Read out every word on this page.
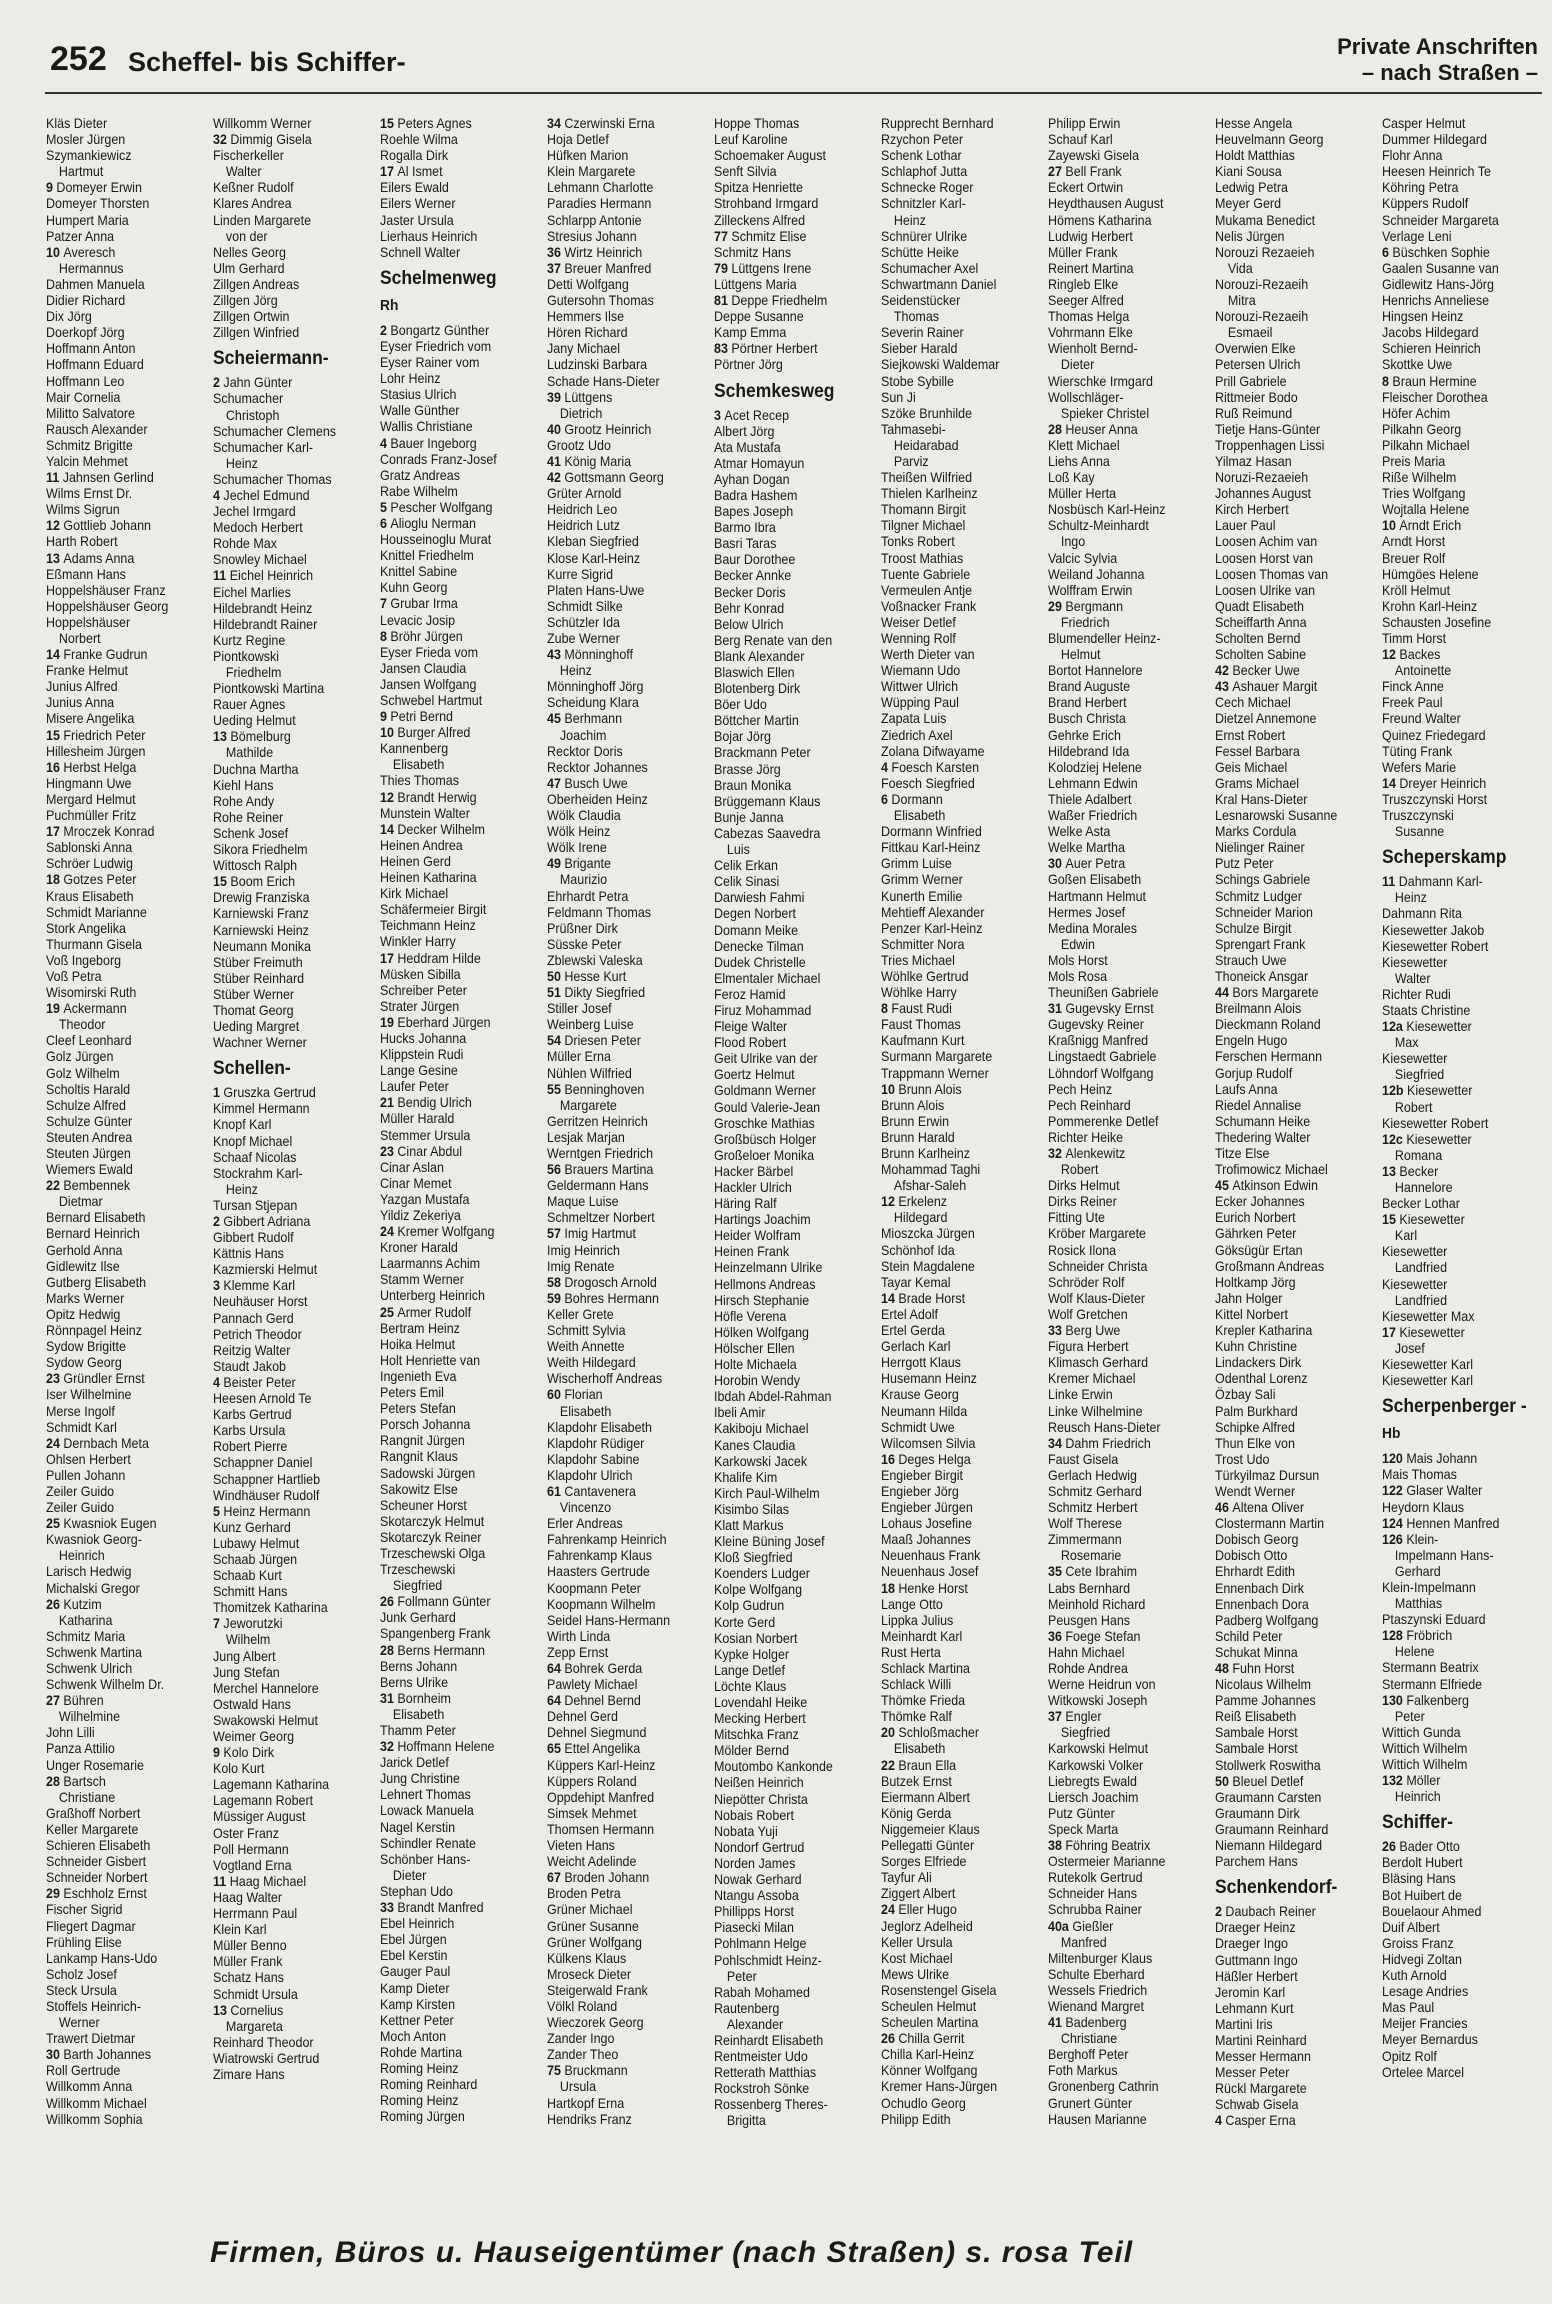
252 Scheffel- bis Schiffer-
Private Anschriften
– nach Straßen –
Kläs Dieter
Mosler Jürgen
Szymankiewicz
Hartmut
9 Domeyer Erwin
Domeyer Thorsten
Humpert Maria
Patzer Anna
10 Averesch
Hermannus
Dahmen Manuela
Didier Richard
Dix Jörg
Doerkopf Jörg
Hoffmann Anton
Hoffmann Eduard
Hoffmann Leo
Mair Cornelia
Militto Salvatore
Rausch Alexander
Schmitz Brigitte
Yalcin Mehmet
11 Jahnsen Gerlind
Wilms Ernst Dr.
Wilms Sigrun
12 Gottlieb Johann
Harth Robert
13 Adams Anna
Eßmann Hans
Hoppelshäuser Franz
Hoppelshäuser Georg
Hoppelshäuser
Norbert
14 Franke Gudrun
Franke Helmut
Junius Alfred
Junius Anna
Misere Angelika
15 Friedrich Peter
Hillesheim Jürgen
16 Herbst Helga
Hingmann Uwe
Mergard Helmut
Puchmüller Fritz
17 Mroczek Konrad
Sablonski Anna
Schröer Ludwig
18 Gotzes Peter
Kraus Elisabeth
Schmidt Marianne
Stork Angelika
Thurmann Gisela
Voß Ingeborg
Voß Petra
Wisomirski Ruth
19 Ackermann
Theodor
Cleef Leonhard
Golz Jürgen
Golz Wilhelm
Scholtis Harald
Schulze Alfred
Schulze Günter
Steuten Andrea
Steuten Jürgen
Wiemers Ewald
22 Bembennek
Dietmar
Bernard Elisabeth
Bernard Heinrich
Gerhold Anna
Gidlewitz Ilse
Gutberg Elisabeth
Marks Werner
Opitz Hedwig
Rönnpagel Heinz
Sydow Brigitte
Sydow Georg
23 Gründler Ernst
Iser Wilhelmine
Merse Ingolf
Schmidt Karl
24 Dernbach Meta
Ohlsen Herbert
Pullen Johann
Zeiler Guido
Zeiler Guido
25 Kwasniok Eugen
Kwasniok Georg-
Heinrich
Larisch Hedwig
Michalski Gregor
26 Kutzim
Katharina
Schmitz Maria
Schwenk Martina
Schwenk Ulrich
Schwenk Wilhelm Dr.
27 Bühren
Wilhelmine
John Lilli
Panza Attilio
Unger Rosemarie
28 Bartsch
Christiane
Graßhoff Norbert
Keller Margarete
Schieren Elisabeth
Schneider Gisbert
Schneider Norbert
29 Eschholz Ernst
Fischer Sigrid
Fliegert Dagmar
Frühling Elise
Lankamp Hans-Udo
Scholz Josef
Steck Ursula
Stoffels Heinrich-
Werner
Trawert Dietmar
30 Barth Johannes
Roll Gertrude
Willkomm Anna
Willkomm Michael
Willkomm Sophia
Willkomm Werner
32 Dimmig Gisela
Fischerkeller
Walter
Keßner Rudolf
Klares Andrea
Linden Margarete
von der
Nelles Georg
Ulm Gerhard
Zillgen Andreas
Zillgen Jörg
Zillgen Ortwin
Zillgen Winfried
Scheiermann-
2 Jahn Günter
Schumacher
Christoph
Schumacher Clemens
Schumacher Karl-
Heinz
Schumacher Thomas
4 Jechel Edmund
Jechel Irmgard
Medoch Herbert
Rohde Max
Snowley Michael
11 Eichel Heinrich
Eichel Marlies
Hildebrandt Heinz
Hildebrandt Rainer
Kurtz Regine
Piontkowski
Friedhelm
Piontkowski Martina
Rauer Agnes
Ueding Helmut
13 Bömelburg
Mathilde
Duchna Martha
Kiehl Hans
Rohe Andy
Rohe Reiner
Schenk Josef
Sikora Friedhelm
Wittosch Ralph
15 Boom Erich
Drewig Franziska
Karniewski Franz
Karniewski Heinz
Neumann Monika
Stüber Freimuth
Stüber Reinhard
Stüber Werner
Thomat Georg
Ueding Margret
Wachner Werner
Schellen-
1 Gruszka Gertrud
Kimmel Hermann
Knopf Karl
Knopf Michael
Schaaf Nicolas
Stockrahm Karl-
Heinz
Tursan Stjepan
2 Gibbert Adriana
Gibbert Rudolf
Kättnis Hans
Kazmierski Helmut
3 Klemme Karl
Neuhäuser Horst
Pannach Gerd
Petrich Theodor
Reitzig Walter
Staudt Jakob
4 Beister Peter
Heesen Arnold Te
Karbs Gertrud
Karbs Ursula
Robert Pierre
Schappner Daniel
Schappner Hartlieb
Windhäuser Rudolf
5 Heinz Hermann
Kunz Gerhard
Lubawy Helmut
Schaab Jürgen
Schaab Kurt
Schmitt Hans
Thomitzek Katharina
7 Jeworutzki
Wilhelm
Jung Albert
Jung Stefan
Merchel Hannelore
Ostwald Hans
Swakowski Helmut
Weimer Georg
9 Kolo Dirk
Kolo Kurt
Lagemann Katharina
Lagemann Robert
Müssiger August
Oster Franz
Poll Hermann
Vogtland Erna
11 Haag Michael
Haag Walter
Herrmann Paul
Klein Karl
Müller Benno
Müller Frank
Schatz Hans
Schmidt Ursula
13 Cornelius
Margareta
Reinhard Theodor
Wiatrowski Gertrud
Zimare Hans
15 Peters Agnes
Roehle Wilma
Rogalla Dirk
17 Al Ismet
Eilers Ewald
Eilers Werner
Jaster Ursula
Lierhaus Heinrich
Schnell Walter
Schelmenweg
Rh
2 Bongartz Günther
Eyser Friedrich vom
Eyser Rainer vom
Lohr Heinz
Stasius Ulrich
Walle Günther
Wallis Christiane
4 Bauer Ingeborg
Conrads Franz-Josef
Gratz Andreas
Rabe Wilhelm
5 Pescher Wolfgang
6 Alioglu Nerman
Housseinoglu Murat
Knittel Friedhelm
Knittel Sabine
Kuhn Georg
7 Grubar Irma
Levacic Josip
8 Bröhr Jürgen
Eyser Frieda vom
Jansen Claudia
Jansen Wolfgang
Schwebel Hartmut
9 Petri Bernd
10 Burger Alfred
Kannenberg
Elisabeth
Thies Thomas
12 Brandt Herwig
Munstein Walter
14 Decker Wilhelm
Heinen Andrea
Heinen Gerd
Heinen Katharina
Kirk Michael
Schäfermeier Birgit
Teichmann Heinz
Winkler Harry
17 Heddram Hilde
Müsken Sibilla
Schreiber Peter
Strater Jürgen
19 Eberhard Jürgen
Hucks Johanna
Klippstein Rudi
Lange Gesine
Laufer Peter
21 Bendig Ulrich
Müller Harald
Stemmer Ursula
23 Cinar Abdul
Cinar Aslan
Cinar Memet
Yazgan Mustafa
Yildiz Zekeriya
24 Kremer Wolfgang
Kroner Harald
Laarmanns Achim
Stamm Werner
Unterberg Heinrich
25 Armer Rudolf
Bertram Heinz
Hoika Helmut
Holt Henriette van
Ingenieth Eva
Peters Emil
Peters Stefan
Porsch Johanna
Rangnit Jürgen
Rangnit Klaus
Sadowski Jürgen
Sakowitz Else
Scheuner Horst
Skotarczyk Helmut
Skotarczyk Reiner
Trzeschewski Olga
Trzeschewski
Siegfried
26 Follmann Günter
Junk Gerhard
Spangenberg Frank
28 Berns Hermann
Berns Johann
Berns Ulrike
31 Bornheim
Elisabeth
Thamm Peter
32 Hoffmann Helene
Jarick Detlef
Jung Christine
Lehnert Thomas
Lowack Manuela
Nagel Kerstin
Schindler Renate
Schönber Hans-
Dieter
Stephan Udo
33 Brandt Manfred
Ebel Heinrich
Ebel Jürgen
Ebel Kerstin
Gauger Paul
Kamp Dieter
Kamp Kirsten
Kettner Peter
Moch Anton
Rohde Martina
Roming Heinz
Roming Reinhard
Roming Heinz
Roming Jürgen
34 Czerwinski Erna
Hoja Detlef
Hüfken Marion
Klein Margarete
Lehmann Charlotte
Paradies Hermann
Schlarpp Antonie
Stresius Johann
36 Wirtz Heinrich
37 Breuer Manfred
Detti Wolfgang
Gutersohn Thomas
Hemmers Ilse
Hören Richard
Jany Michael
Ludzinski Barbara
Schade Hans-Dieter
39 Lüttgens
Dietrich
40 Grootz Heinrich
Grootz Udo
41 König Maria
42 Gottsmann Georg
Grüter Arnold
Heidrich Leo
Heidrich Lutz
Kleban Siegfried
Klose Karl-Heinz
Kurre Sigrid
Platen Hans-Uwe
Schmidt Silke
Schützler Ida
Zube Werner
43 Mönninghoff
Heinz
Mönninghoff Jörg
Scheidung Klara
45 Berhmann
Joachim
Recktor Doris
Recktor Johannes
47 Busch Uwe
Oberheiden Heinz
Wölk Claudia
Wölk Heinz
Wölk Irene
49 Brigante
Maurizio
Ehrhardt Petra
Feldmann Thomas
Prüßner Dirk
Süsske Peter
Zblewski Valeska
50 Hesse Kurt
51 Dikty Siegfried
Stiller Josef
Weinberg Luise
54 Driesen Peter
Müller Erna
Nühlen Wilfried
55 Benninghoven
Margarete
Gerritzen Heinrich
Lesjak Marjan
Werntgen Friedrich
56 Brauers Martina
Geldermann Hans
Maque Luise
Schmeltzer Norbert
57 Imig Hartmut
Imig Heinrich
Imig Renate
58 Drogosch Arnold
59 Bohres Hermann
Keller Grete
Schmitt Sylvia
Weith Annette
Weith Hildegard
Wischerhoff Andreas
60 Florian
Elisabeth
Klapdohr Elisabeth
Klapdohr Rüdiger
Klapdohr Sabine
Klapdohr Ulrich
61 Cantavenera
Vincenzo
Erler Andreas
Fahrenkamp Heinrich
Fahrenkamp Klaus
Haasters Gertrude
Koopmann Peter
Koopmann Wilhelm
Seidel Hans-Hermann
Wirth Linda
Zepp Ernst
64 Bohrek Gerda
Pawlety Michael
64 Dehnel Bernd
Dehnel Gerd
Dehnel Siegmund
65 Ettel Angelika
Küppers Karl-Heinz
Küppers Roland
Oppdehipt Manfred
Simsek Mehmet
Thomsen Hermann
Vieten Hans
Weicht Adelinde
67 Broden Johann
Broden Petra
Grüner Michael
Grüner Susanne
Grüner Wolfgang
Külkens Klaus
Mroseck Dieter
Steigerwald Frank
Völkl Roland
Wieczorek Georg
Zander Ingo
Zander Theo
75 Bruckmann
Ursula
Hartkopf Erna
Hendriks Franz
Hoppe Thomas
Leuf Karoline
Schoemaker August
Senft Silvia
Spitza Henriette
Strohband Irmgard
Zilleckens Alfred
77 Schmitz Elise
Schmitz Hans
79 Lüttgens Irene
Lüttgens Maria
81 Deppe Friedhelm
Deppe Susanne
Kamp Emma
83 Pörtner Herbert
Pörtner Jörg
Schemkesweg
3 Acet Recep
Albert Jörg
Ata Mustafa
Atmar Homayun
Ayhan Dogan
Badra Hashem
Bapes Joseph
Barmo Ibra
Basri Taras
Baur Dorothee
Becker Annke
Becker Doris
Behr Konrad
Below Ulrich
Berg Renate van den
Blank Alexander
Blaswich Ellen
Blotenberg Dirk
Böer Udo
Böttcher Martin
Bojar Jörg
Brackmann Peter
Brasse Jörg
Braun Monika
Brüggemann Klaus
Bunje Janna
Cabezas Saavedra
Luis
Celik Erkan
Celik Sinasi
Darwiesh Fahmi
Degen Norbert
Domann Meike
Denecke Tilman
Dudek Christelle
Elmentaler Michael
Feroz Hamid
Firuz Mohammad
Fleige Walter
Flood Robert
Geit Ulrike van der
Goertz Helmut
Goldmann Werner
Gould Valerie-Jean
Groschke Mathias
Großbüsch Holger
Großeloer Monika
Hacker Bärbel
Hackler Ulrich
Häring Ralf
Hartings Joachim
Heider Wolfram
Heinen Frank
Heinzelmann Ulrike
Hellmons Andreas
Hirsch Stephanie
Höfle Verena
Hölken Wolfgang
Hölscher Ellen
Holte Michaela
Horobin Wendy
Ibdah Abdel-Rahman
Ibeli Amir
Kakiboju Michael
Kanes Claudia
Karkowski Jacek
Khalife Kim
Kirch Paul-Wilhelm
Kisimbo Silas
Klatt Markus
Kleine Büning Josef
Kloß Siegfried
Koenders Ludger
Kolpe Wolfgang
Kolp Gudrun
Korte Gerd
Kosian Norbert
Kypke Holger
Lange Detlef
Löchte Klaus
Lovendahl Heike
Mecking Herbert
Mitschka Franz
Mölder Bernd
Moutombo Kankonde
Neißen Heinrich
Niepötter Christa
Nobais Robert
Nobata Yuji
Nondorf Gertrud
Norden James
Nowak Gerhard
Ntangu Assoba
Phillipps Horst
Piasecki Milan
Pohlmann Helge
Pohlschmidt Heinz-
Peter
Rabah Mohamed
Rautenberg
Alexander
Reinhardt Elisabeth
Rentmeister Udo
Retterath Matthias
Rockstroh Sönke
Rossenberg Theres-
Brigitta
Rupprecht Bernhard
Rzychon Peter
Schenk Lothar
Schlaphof Jutta
Schnecke Roger
Schnitzler Karl-
Heinz
Schnürer Ulrike
Schütte Heike
Schumacher Axel
Schwartmann Daniel
Seidenstücker
Thomas
Severin Rainer
Sieber Harald
Siejkowski Waldemar
Stobe Sybille
Sun Ji
Szöke Brunhilde
Tahmasebi-
Heidarabad
Parviz
Theißen Wilfried
Thielen Karlheinz
Thomann Birgit
Tilgner Michael
Tonks Robert
Troost Mathias
Tuente Gabriele
Vermeulen Antje
Voßnacker Frank
Weiser Detlef
Wenning Rolf
Werth Dieter van
Wiemann Udo
Wittwer Ulrich
Wüpping Paul
Zapata Luis
Ziedrich Axel
Zolana Difwayame
4 Foesch Karsten
Foesch Siegfried
6 Dormann
Elisabeth
Dormann Winfried
Fittkau Karl-Heinz
Grimm Luise
Grimm Werner
Kunerth Emilie
Mehtieff Alexander
Penzer Karl-Heinz
Schmitter Nora
Tries Michael
Wöhlke Gertrud
Wöhlke Harry
8 Faust Rudi
Faust Thomas
Kaufmann Kurt
Surmann Margarete
Trappmann Werner
10 Brunn Alois
Brunn Alois
Brunn Erwin
Brunn Harald
Brunn Karlheinz
Mohammad Taghi
Afshar-Saleh
12 Erkelenz
Hildegard
Mioszcka Jürgen
Schönhof Ida
Stein Magdalene
Tayar Kemal
14 Brade Horst
Ertel Adolf
Ertel Gerda
Gerlach Karl
Herrgott Klaus
Husemann Heinz
Krause Georg
Neumann Hilda
Schmidt Uwe
Wilcomsen Silvia
16 Deges Helga
Engieber Birgit
Engieber Jörg
Engieber Jürgen
Lohaus Josefine
Maaß Johannes
Neuenhaus Frank
Neuenhaus Josef
18 Henke Horst
Lange Otto
Lippka Julius
Meinhardt Karl
Rust Herta
Schlack Martina
Schlack Willi
Thömke Frieda
Thömke Ralf
20 Schloßmacher
Elisabeth
22 Braun Ella
Butzek Ernst
Eiermann Albert
König Gerda
Niggemeier Klaus
Pellegatti Günter
Sorges Elfriede
Tayfur Ali
Ziggert Albert
24 Eller Hugo
Jeglorz Adelheid
Keller Ursula
Kost Michael
Mews Ulrike
Rosenstengel Gisela
Scheulen Helmut
Scheulen Martina
26 Chilla Gerrit
Chilla Karl-Heinz
Könner Wolfgang
Kremer Hans-Jürgen
Ochudlo Georg
Philipp Edith
Philipp Erwin
Schauf Karl
Zayewski Gisela
27 Bell Frank
Eckert Ortwin
Heydthausen August
Hömens Katharina
Ludwig Herbert
Müller Frank
Reinert Martina
Ringleb Elke
Seeger Alfred
Thomas Helga
Vohrmann Elke
Wienholt Bernd-
Dieter
Wierschke Irmgard
Wollschläger-
Spieker Christel
28 Heuser Anna
Klett Michael
Liehs Anna
Loß Kay
Müller Herta
Nosbüsch Karl-Heinz
Schultz-Meinhardt
Ingo
Valcic Sylvia
Weiland Johanna
Wolffram Erwin
29 Bergmann
Friedrich
Blumendeller Heinz-
Helmut
Bortot Hannelore
Brand Auguste
Brand Herbert
Busch Christa
Gehrke Erich
Hildebrand Ida
Kolodziej Helene
Lehmann Edwin
Thiele Adalbert
Waßer Friedrich
Welke Asta
Welke Martha
30 Auer Petra
Goßen Elisabeth
Hartmann Helmut
Hermes Josef
Medina Morales
Edwin
Mols Horst
Mols Rosa
Theunißen Gabriele
31 Gugevsky Ernst
Gugevsky Reiner
Kraßnigg Manfred
Lingstaedt Gabriele
Löhndorf Wolfgang
Pech Heinz
Pech Reinhard
Pommerenke Detlef
Richter Heike
32 Alenkewitz
Robert
Dirks Helmut
Dirks Reiner
Fitting Ute
Kröber Margarete
Rosick Ilona
Schneider Christa
Schröder Rolf
Wolf Klaus-Dieter
Wolf Gretchen
33 Berg Uwe
Figura Herbert
Klimasch Gerhard
Kremer Michael
Linke Erwin
Linke Wilhelmine
Reusch Hans-Dieter
34 Dahm Friedrich
Faust Gisela
Gerlach Hedwig
Schmitz Gerhard
Schmitz Herbert
Wolf Therese
Zimmermann
Rosemarie
35 Cete Ibrahim
Labs Bernhard
Meinhold Richard
Peusgen Hans
36 Foege Stefan
Hahn Michael
Rohde Andrea
Werne Heidrun von
Witkowski Joseph
37 Engler
Siegfried
Karkowski Helmut
Karkowski Volker
Liebregts Ewald
Liersch Joachim
Putz Günter
Speck Marta
38 Föhring Beatrix
Ostermeier Marianne
Rutekolk Gertrud
Schneider Hans
Schrubba Rainer
40a Gießler
Manfred
Miltenburger Klaus
Schulte Eberhard
Wessels Friedrich
Wienand Margret
41 Badenberg
Christiane
Berghoff Peter
Foth Markus
Gronenberg Cathrin
Grunert Günter
Hausen Marianne
Hesse Angela
Heuvelmann Georg
Holdt Matthias
Kiani Sousa
Ledwig Petra
Meyer Gerd
Mukama Benedict
Nelis Jürgen
Norouzi Rezaeieh
Vida
Norouzi-Rezaeih
Mitra
Norouzi-Rezaeih
Esmaeil
Overwien Elke
Petersen Ulrich
Prill Gabriele
Rittmeier Bodo
Ruß Reimund
Tietje Hans-Günter
Troppenhagen Lissi
Yilmaz Hasan
Noruzi-Rezaeieh
Johannes August
Kirch Herbert
Lauer Paul
Loosen Achim van
Loosen Horst van
Loosen Thomas van
Loosen Ulrike van
Quadt Elisabeth
Scheiffarth Anna
Scholten Bernd
Scholten Sabine
42 Becker Uwe
43 Ashauer Margit
Cech Michael
Dietzel Annemone
Ernst Robert
Fessel Barbara
Geis Michael
Grams Michael
Kral Hans-Dieter
Lesnarowski Susanne
Marks Cordula
Nielinger Rainer
Putz Peter
Schings Gabriele
Schmitz Ludger
Schneider Marion
Schulze Birgit
Sprengart Frank
Strauch Uwe
Thoneick Ansgar
44 Bors Margarete
Breilmann Alois
Dieckmann Roland
Engeln Hugo
Ferschen Hermann
Gorjup Rudolf
Laufs Anna
Riedel Annalise
Schumann Heike
Thedering Walter
Titze Else
Trofimowicz Michael
45 Atkinson Edwin
Ecker Johannes
Eurich Norbert
Gährken Peter
Göksügür Ertan
Großmann Andreas
Holtkamp Jörg
Jahn Holger
Kittel Norbert
Krepler Katharina
Kuhn Christine
Lindackers Dirk
Odenthal Lorenz
Özbay Sali
Palm Burkhard
Schipke Alfred
Thun Elke von
Trost Udo
Türkyilmaz Dursun
Wendt Werner
46 Altena Oliver
Clostermann Martin
Dobisch Georg
Dobisch Otto
Ehrhardt Edith
Ennenbach Dirk
Ennenbach Dora
Padberg Wolfgang
Schild Peter
Schukat Minna
48 Fuhn Horst
Nicolaus Wilhelm
Pamme Johannes
Reiß Elisabeth
Sambale Horst
Sambale Horst
Stollwerk Roswitha
50 Bleuel Detlef
Graumann Carsten
Graumann Dirk
Graumann Reinhard
Niemann Hildegard
Parchem Hans
Schenkendorf-
2 Daubach Reiner
Draeger Heinz
Draeger Ingo
Guttmann Ingo
Häßler Herbert
Jeromin Karl
Lehmann Kurt
Martini Iris
Martini Reinhard
Messer Hermann
Messer Peter
Rückl Margarete
Schwab Gisela
4 Casper Erna
Casper Helmut
Dummer Hildegard
Flohr Anna
Heesen Heinrich Te
Köhring Petra
Küppers Rudolf
Schneider Margareta
Verlage Leni
6 Büschken Sophie
Gaalen Susanne van
Gidlewitz Hans-Jörg
Henrichs Anneliese
Hingsen Heinz
Jacobs Hildegard
Schieren Heinrich
Skottke Uwe
8 Braun Hermine
Fleischer Dorothea
Höfer Achim
Pilkahn Georg
Pilkahn Michael
Preis Maria
Riße Wilhelm
Tries Wolfgang
Wojtalla Helene
10 Arndt Erich
Arndt Horst
Breuer Rolf
Hümgöes Helene
Kröll Helmut
Krohn Karl-Heinz
Schausten Josefine
Timm Horst
12 Backes
Antoinette
Finck Anne
Freek Paul
Freund Walter
Quinez Friedegard
Tüting Frank
Wefers Marie
14 Dreyer Heinrich
Truszczynski Horst
Truszczynski
Susanne
Scheperskamp
11 Dahmann Karl-
Heinz
Dahmann Rita
Kiesewetter Jakob
Kiesewetter Robert
Kiesewetter
Walter
Richter Rudi
Staats Christine
12a Kiesewetter
Max
Kiesewetter
Siegfried
12b Kiesewetter
Robert
Kiesewetter Robert
12c Kiesewetter
Romana
13 Becker
Hannelore
Becker Lothar
15 Kiesewetter
Karl
Kiesewetter
Landfried
Kiesewetter
Landfried
Kiesewetter Max
17 Kiesewetter
Josef
Kiesewetter Karl
Kiesewetter Karl
Scherpenberger -
Hb
120 Mais Johann
Mais Thomas
122 Glaser Walter
Heydorn Klaus
124 Hennen Manfred
126 Klein-
Impelmann Hans-
Gerhard
Klein-Impelmann
Matthias
Ptaszynski Eduard
128 Fröbrich
Helene
Stermann Beatrix
Stermann Elfriede
130 Falkenberg
Peter
Wittich Gunda
Wittich Wilhelm
Wittich Wilhelm
132 Möller
Heinrich
Schiffer-
26 Bader Otto
Berdolt Hubert
Bläsing Hans
Bot Huibert de
Bouelaour Ahmed
Duif Albert
Groiss Franz
Hidvegi Zoltan
Kuth Arnold
Lesage Andries
Mas Paul
Meijer Francies
Meyer Bernardus
Opitz Rolf
Ortelee Marcel
Firmen, Büros u. Hauseigentümer (nach Straßen) s. rosa Teil
